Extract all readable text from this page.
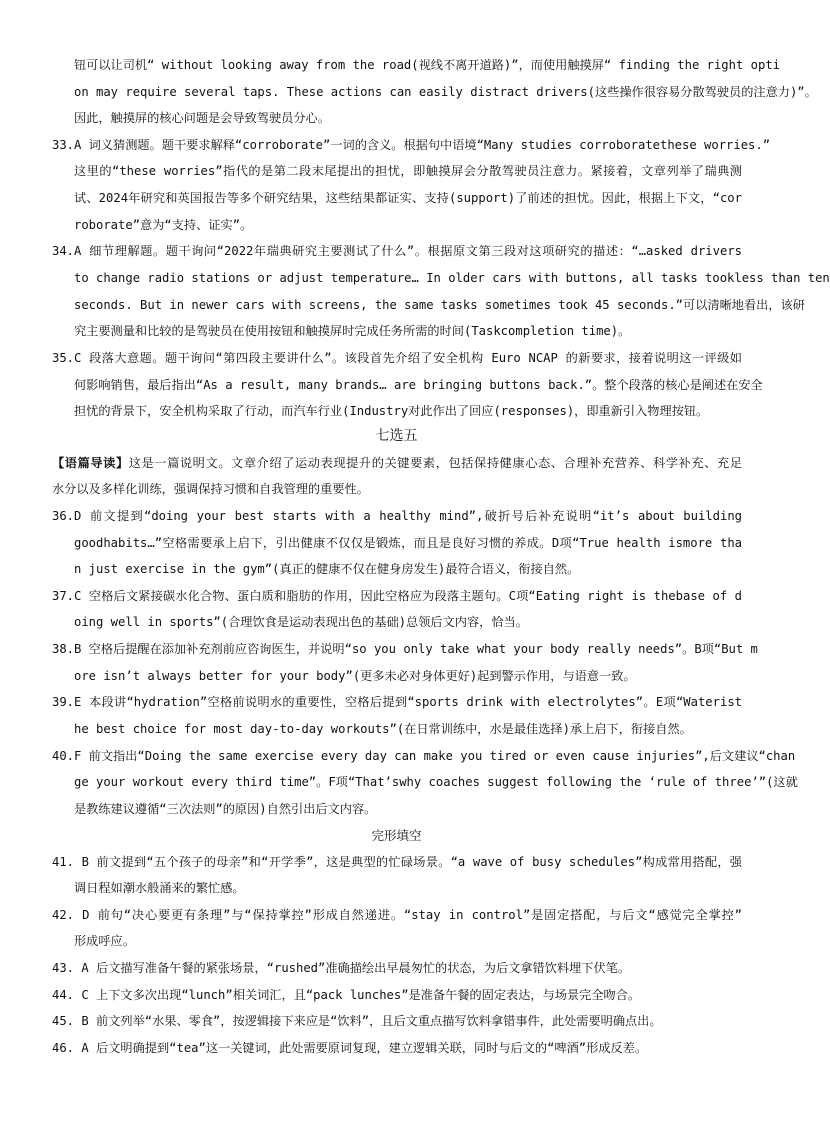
钮可以让司机“ without looking away from the road(视线不离开道路)”，而使用触摸屏“ finding the right opti
on may require several taps. These actions can easily distract drivers(这些操作很容易分散驾驶员的注意力)”。
因此，触摸屏的核心问题是会导致驾驶员分心。
33.A 词义猜测题。题干要求解释“corroborate”一词的含义。根据句中语境“Many studies corroboratethese worries.”
这里的“these worries”指代的是第二段末尾提出的担忧，即触摸屏会分散驾驶员注意力。紧接着，文章列举了瑞典测
试、2024年研究和英国报告等多个研究结果，这些结果都证实、支持(support)了前述的担忧。因此，根据上下文，“cor
roborate”意为“支持、证实”。
34.A 细节理解题。题干询问“2022年瑞典研究主要测试了什么”。根据原文第三段对这项研究的描述：“…asked drivers
to change radio stations or adjust temperature… In older cars with buttons, all tasks tookless than ten
seconds. But in newer cars with screens, the same tasks sometimes took 45 seconds.”可以清晰地看出，该研
究主要测量和比较的是驾驶员在使用按钮和触摸屏时完成任务所需的时间(Taskcompletion time)。
35.C 段落大意题。题干询问“第四段主要讲什么”。该段首先介绍了安全机构 Euro NCAP 的新要求，接着说明这一评级如
何影响销售，最后指出“As a result, many brands… are bringing buttons back.”。整个段落的核心是阐述在安全
担忧的背景下，安全机构采取了行动，而汽车行业(Industry对此作出了回应(responses)，即重新引入物理按钮。
【语篇导读】这是一篇说明文。文章介绍了运动表现提升的关键要素，包括保持健康心态、合理补充营养、科学补充、充足
水分以及多样化训练，强调保持习惯和自我管理的重要性。
36.D 前文提到“doing your best starts with a healthy mind”,破折号后补充说明“it’s about building
goodhabits…”空格需要承上启下，引出健康不仅仅是锻炼，而且是良好习惯的养成。D项“True health ismore tha
n just exercise in the gym”(真正的健康不仅在健身房发生)最符合语义，衔接自然。
37.C 空格后文紧接碳水化合物、蛋白质和脂肪的作用，因此空格应为段落主题句。C项“Eating right is thebase of d
oing well in sports”(合理饮食是运动表现出色的基础)总领后文内容，恰当。
38.B 空格后提醒在添加补充剂前应咨询医生，并说明“so you only take what your body really needs”。B项“But m
ore isn’t always better for your body”(更多未必对身体更好)起到警示作用，与语意一致。
39.E 本段讲“hydration”空格前说明水的重要性，空格后提到“sports drink with electrolytes”。E项“Waterist
he best choice for most day-to-day workouts”(在日常训练中，水是最佳选择)承上启下，衔接自然。
40.F 前文指出“Doing the same exercise every day can make you tired or even cause injuries”,后文建议“chan
ge your workout every third time”。F项“That’swhy coaches suggest following the ‘rule of three’”(这就
是教练建议遵循“三次法则”的原因)自然引出后文内容。
41. B 前文提到“五个孩子的母亲”和“开学季”，这是典型的忙碌场景。“a wave of busy schedules”构成常用搭配，强
调日程如潮水般涌来的繁忙感。
42. D 前句“决心要更有条理”与“保持掌控”形成自然递进。“stay in control”是固定搭配，与后文“感觉完全掌控”
形成呼应。
43. A 后文描写准备午餐的紧张场景，“rushed”准确描绘出早晨匆忙的状态，为后文拿错饮料埋下伏笔。
44. C 上下文多次出现“lunch”相关词汇，且“pack lunches”是准备午餐的固定表达，与场景完全吻合。
45. B 前文列举“水果、零食”，按逻辑接下来应是“饮料”，且后文重点描写饮料拿错事件，此处需要明确点出。
46. A 后文明确提到“tea”这一关键词，此处需要原词复现，建立逻辑关联，同时与后文的“啤酒”形成反差。
七选五
完形填空
